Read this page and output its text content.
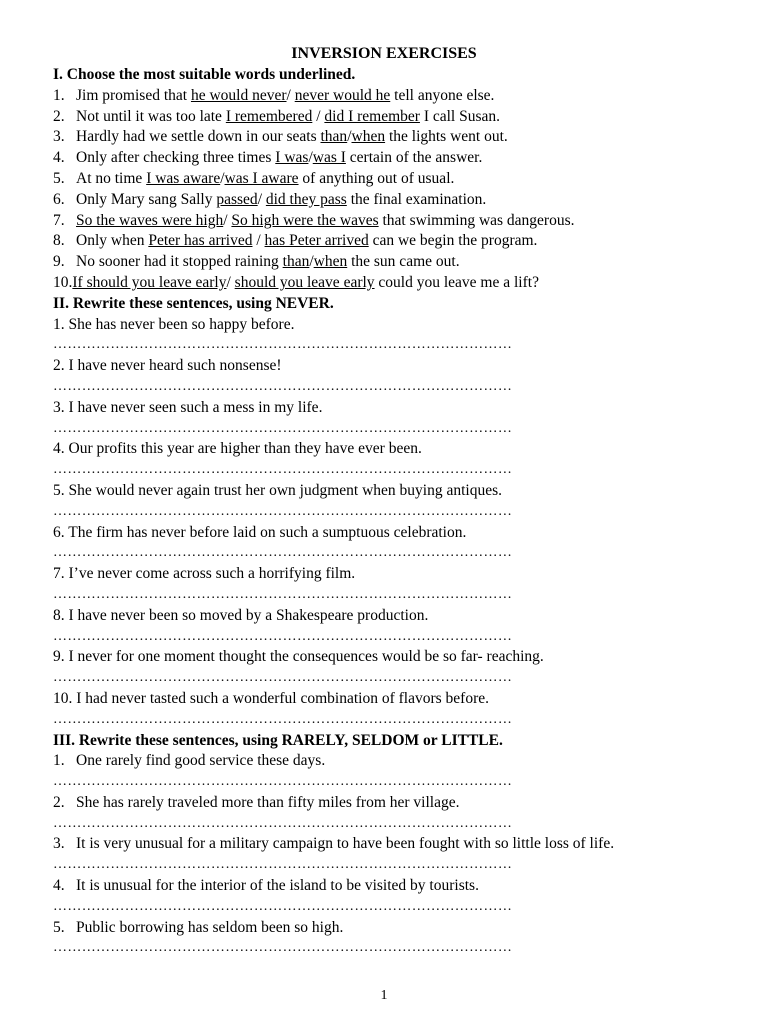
INVERSION EXERCISES
I. Choose the most suitable words underlined.
1. Jim promised that he would never/ never would he tell anyone else.
2. Not until it was too late I remembered / did I remember I call Susan.
3. Hardly had we settle down in our seats than/when the lights went out.
4. Only after checking three times I was/was I certain of the answer.
5. At no time I was aware/was I aware of anything out of usual.
6. Only Mary sang Sally passed/ did they pass the final examination.
7. So the waves were high/ So high were the waves that swimming was dangerous.
8. Only when Peter has arrived / has Peter arrived can we begin the program.
9. No sooner had it stopped raining than/when the sun came out.
10.If should you leave early/ should you leave early could you leave me a lift?
II. Rewrite these sentences, using NEVER.
1. She has never been so happy before.
……………………………………………………………………………………
2. I have never heard such nonsense!
……………………………………………………………………………………
3. I have never seen such a mess in my life.
……………………………………………………………………………………
4. Our profits this year are higher than they have ever been.
……………………………………………………………………………………
5. She would never again trust her own judgment when buying antiques.
……………………………………………………………………………………
6. The firm has never before laid on such a sumptuous celebration.
……………………………………………………………………………………
7. I’ve never come across such a horrifying film.
……………………………………………………………………………………
8. I have never been so moved by a Shakespeare production.
……………………………………………………………………………………
9. I never for one moment thought the consequences would be so far- reaching.
……………………………………………………………………………………
10. I had never tasted such a wonderful combination of flavors before.
……………………………………………………………………………………
III. Rewrite these sentences, using RARELY, SELDOM or LITTLE.
1. One rarely find good service these days.
……………………………………………………………………………………
2. She has rarely traveled more than fifty miles from her village.
……………………………………………………………………………………
3. It is very unusual for a military campaign to have been fought with so little loss of life.
……………………………………………………………………………………
4. It is unusual for the interior of the island to be visited by tourists.
……………………………………………………………………………………
5. Public borrowing has seldom been so high.
……………………………………………………………………………………
1
